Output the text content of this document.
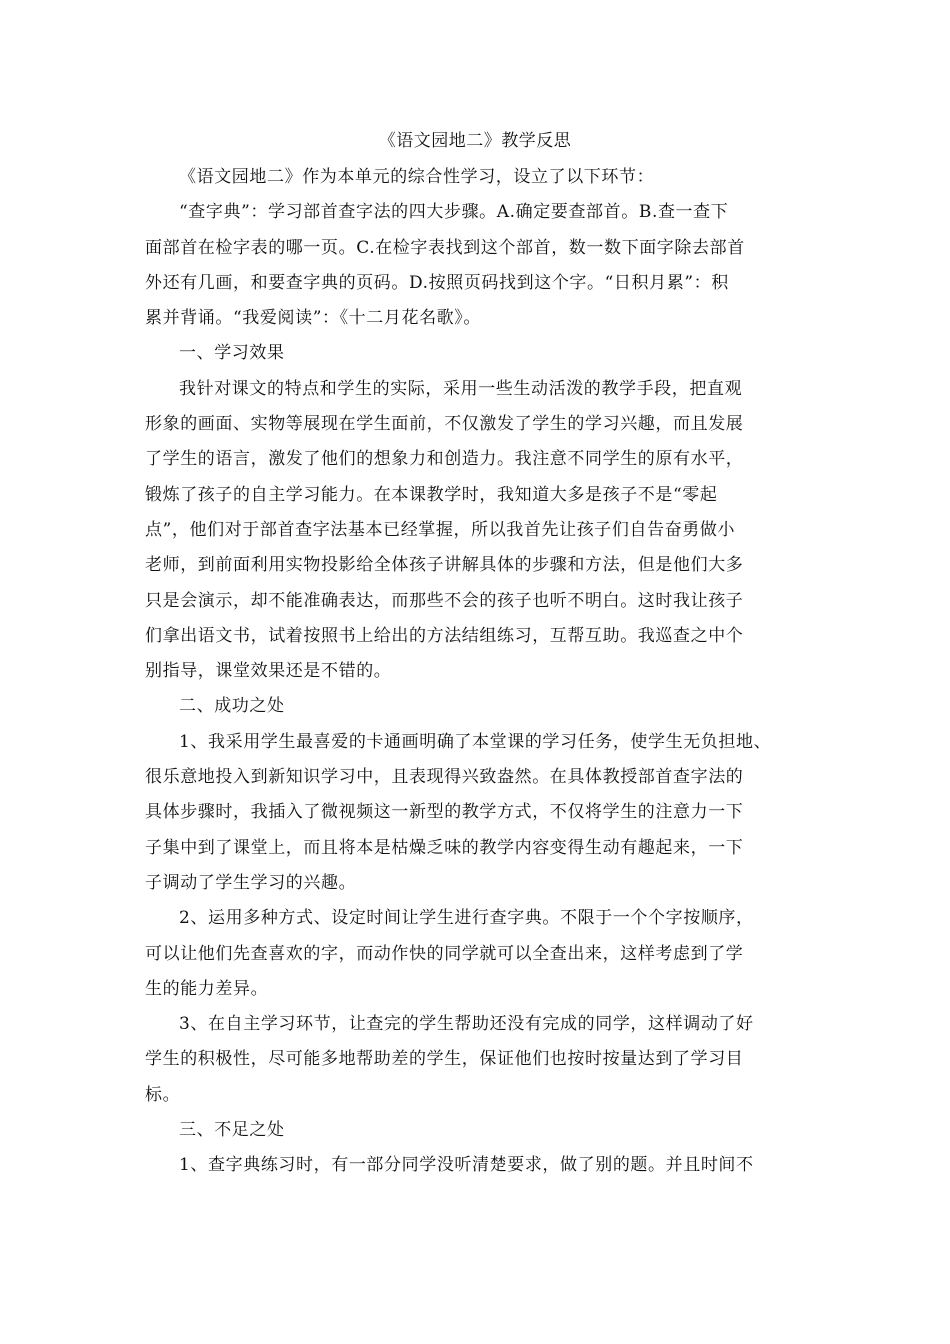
《语文园地二》教学反思
《语文园地二》作为本单元的综合性学习，设立了以下环节：
“查字典”：学习部首查字法的四大步骤。A.确定要查部首。B.查一查下
面部首在检字表的哪一页。C.在检字表找到这个部首，数一数下面字除去部首
外还有几画，和要查字典的页码。D.按照页码找到这个字。“日积月累”：积
累并背诵。“我爱阅读”：《十二月花名歌》。
一、学习效果
我针对课文的特点和学生的实际，采用一些生动活泼的教学手段，把直观
形象的画面、实物等展现在学生面前，不仅激发了学生的学习兴趣，而且发展
了学生的语言，激发了他们的想象力和创造力。我注意不同学生的原有水平，
锻炼了孩子的自主学习能力。在本课教学时，我知道大多是孩子不是“零起
点”，他们对于部首查字法基本已经掌握，所以我首先让孩子们自告奋勇做小
老师，到前面利用实物投影给全体孩子讲解具体的步骤和方法，但是他们大多
只是会演示，却不能准确表达，而那些不会的孩子也听不明白。这时我让孩子
们拿出语文书，试着按照书上给出的方法结组练习，互帮互助。我巡查之中个
别指导，课堂效果还是不错的。
二、成功之处
1、我采用学生最喜爱的卡通画明确了本堂课的学习任务，使学生无负担地、
很乐意地投入到新知识学习中，且表现得兴致盎然。在具体教授部首查字法的
具体步骤时，我插入了微视频这一新型的教学方式，不仅将学生的注意力一下
子集中到了课堂上，而且将本是枯燥乏味的教学内容变得生动有趣起来，一下
子调动了学生学习的兴趣。
2、运用多种方式、设定时间让学生进行查字典。不限于一个个字按顺序，
可以让他们先查喜欢的字，而动作快的同学就可以全查出来，这样考虑到了学
生的能力差异。
3、在自主学习环节，让查完的学生帮助还没有完成的同学，这样调动了好
学生的积极性，尽可能多地帮助差的学生，保证他们也按时按量达到了学习目
标。
三、不足之处
1、查字典练习时，有一部分同学没听清楚要求，做了别的题。并且时间不
